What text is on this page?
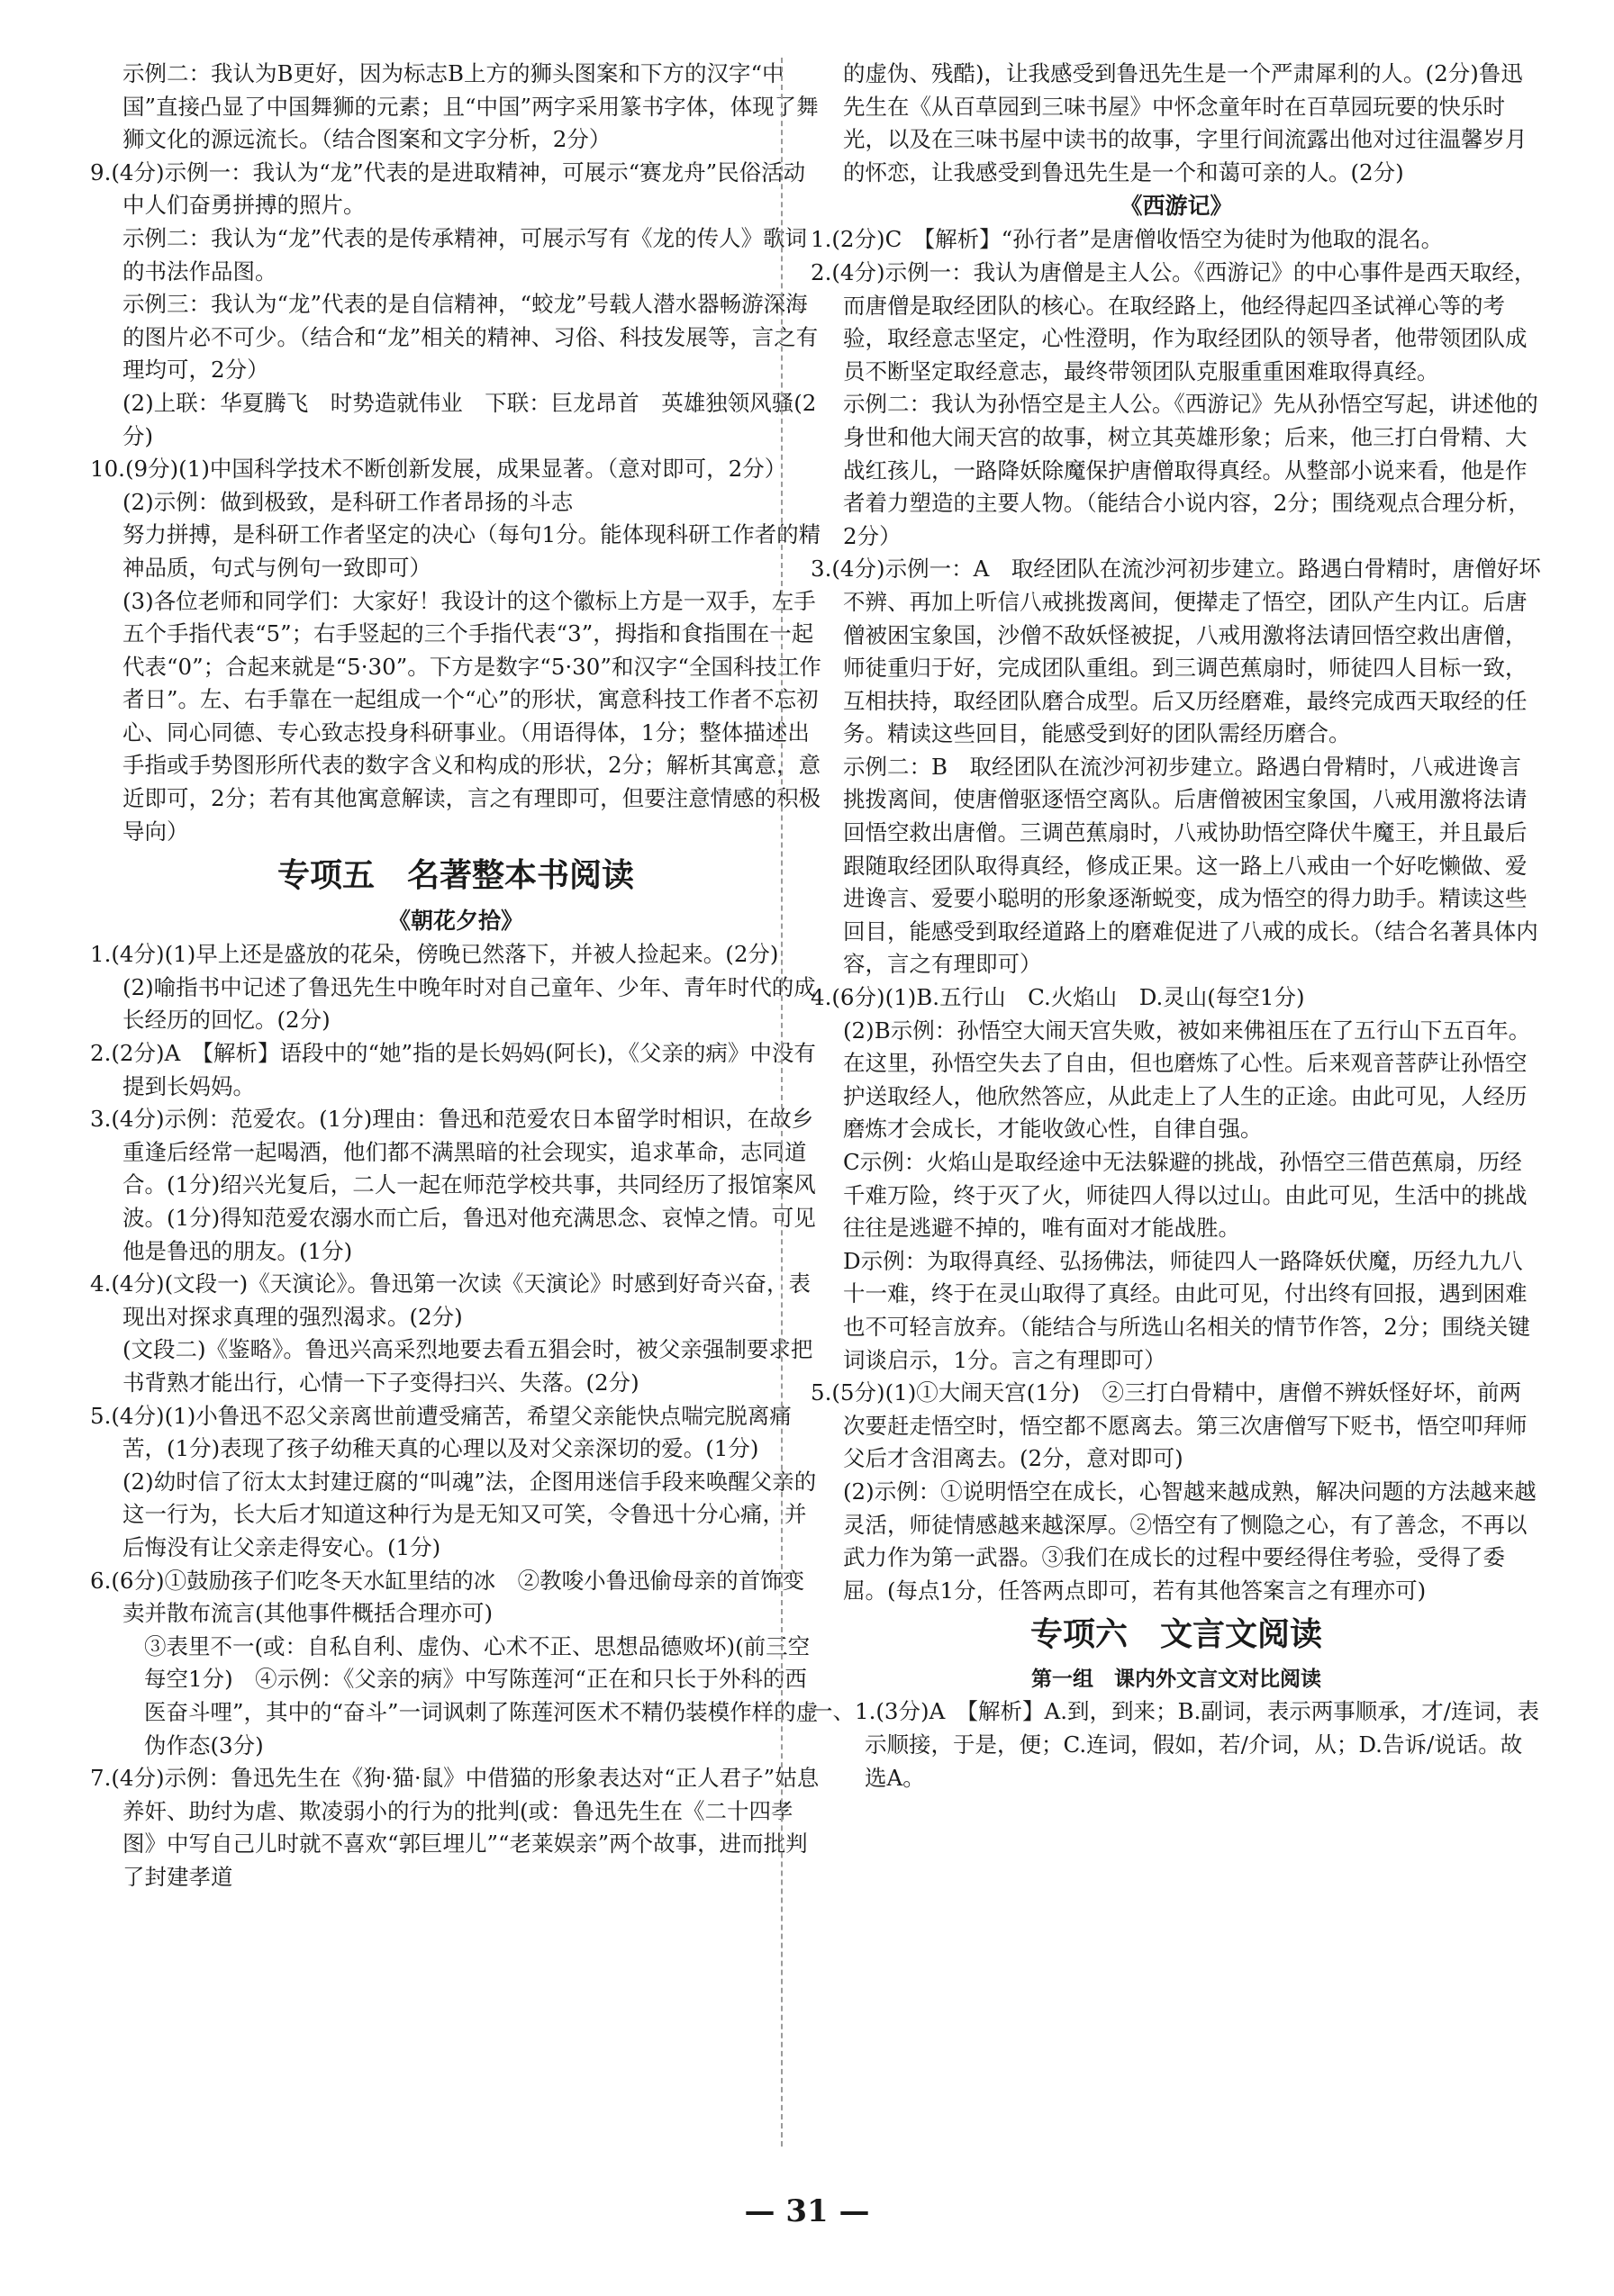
示例二：我认为B更好，因为标志B上方的狮头图案和下方的汉字“中国”直接凸显了中国舞狮的元素；且“中国”两字采用篆书字体，体现了舞狮文化的源远流长。（结合图案和文字分析，2分）
9.(4分)示例一：我认为“龙”代表的是进取精神，可展示“赛龙舟”民俗活动中人们奋勇拼搏的照片。
示例二：我认为“龙”代表的是传承精神，可展示写有《龙的传人》歌词的书法作品图。
示例三：我认为“龙”代表的是自信精神，“蛟龙”号载人潜水器畅游深海的图片必不可少。（结合和“龙”相关的精神、习俗、科技发展等，言之有理均可，2分）
(2)上联：华夏腾飞　时势造就伟业　下联：巨龙昂首　英雄独领风骚(2分)
10.(9分)(1)中国科学技术不断创新发展，成果显著。（意对即可，2分）
(2)示例：做到极致，是科研工作者昂扬的斗志
努力拼搏，是科研工作者坚定的决心（每句1分。能体现科研工作者的精神品质，句式与例句一致即可）
(3)各位老师和同学们：大家好！我设计的这个徽标上方是一双手，左手五个手指代表“5”；右手竖起的三个手指代表“3”，拇指和食指围在一起代表“0”；合起来就是“5·30”。下方是数字“5·30”和汉字“全国科技工作者日”。左、右手靠在一起组成一个“心”的形状，寓意科技工作者不忘初心、同心同德、专心致志投身科研事业。（用语得体，1分；整体描述出手指或手势图形所代表的数字含义和构成的形状，2分；解析其寓意，意近即可，2分；若有其他寓意解读，言之有理即可，但要注意情感的积极导向）
专项五　名著整本书阅读
《朝花夕拾》
1.(4分)(1)早上还是盛放的花朵，傍晚已然落下，并被人捡起来。(2分)
(2)喻指书中记述了鲁迅先生中晚年时对自己童年、少年、青年时代的成长经历的回忆。(2分)
2.(2分)A　【解析】语段中的“她”指的是长妈妈(阿长)，《父亲的病》中没有提到长妈妈。
3.(4分)示例：范爱农。(1分)理由：鲁迅和范爱农日本留学时相识，在故乡重逢后经常一起喝酒，他们都不满黑暗的社会现实，追求革命，志同道合。(1分)绍兴光复后，二人一起在师范学校共事，共同经历了报馆案风波。(1分)得知范爱农溺水而亡后，鲁迅对他充满思念、哀悼之情。可见他是鲁迅的朋友。(1分)
4.(4分)(文段一)《天演论》。鲁迅第一次读《天演论》时感到好奇兴奋，表现出对探求真理的强烈渴求。(2分)
(文段二)《鉴略》。鲁迅兴高采烈地要去看五猖会时，被父亲强制要求把书背熟才能出行，心情一下子变得扫兴、失落。(2分)
5.(4分)(1)小鲁迅不忍父亲离世前遭受痛苦，希望父亲能快点喘完脱离痛苦，(1分)表现了孩子幼稚天真的心理以及对父亲深切的爱。(1分)
(2)幼时信了衍太太封建迂腐的“叫魂”法，企图用迷信手段来唤醒父亲的这一行为，长大后才知道这种行为是无知又可笑，令鲁迅十分心痛，并后悔没有让父亲走得安心。(1分)
6.(6分)①鼓励孩子们吃冬天水缸里结的冰　②教唆小鲁迅偷母亲的首饰变卖并散布流言(其他事件概括合理亦可)
③表里不一(或：自私自利、虚伪、心术不正、思想品德败坏)(前三空每空1分)　④示例：《父亲的病》中写陈莲河“正在和只长于外科的西医奋斗哩”，其中的“奋斗”一词讽刺了陈莲河医术不精仍装模作样的虚伪作态(3分)
7.(4分)示例：鲁迅先生在《狗·猫·鼠》中借猫的形象表达对“正人君子”姑息养奸、助纣为虐、欺凌弱小的行为的批判(或：鲁迅先生在《二十四孝图》中写自己儿时就不喜欢“郭巨埋儿”“老莱娱亲”两个故事，进而批判了封建孝道
的虚伪、残酷)，让我感受到鲁迅先生是一个严肃犀利的人。(2分)鲁迅先生在《从百草园到三味书屋》中怀念童年时在百草园玩要的快乐时光，以及在三味书屋中读书的故事，字里行间流露出他对过往温馨岁月的怀恋，让我感受到鲁迅先生是一个和蔼可亲的人。(2分)
《西游记》
1.(2分)C　【解析】“孙行者”是唐僧收悟空为徒时为他取的混名。
2.(4分)示例一：我认为唐僧是主人公。《西游记》的中心事件是西天取经，而唐僧是取经团队的核心。在取经路上，他经得起四圣试禅心等的考验，取经意志坚定，心性澄明，作为取经团队的领导者，他带领团队成员不断坚定取经意志，最终带领团队克服重重困难取得真经。
示例二：我认为孙悟空是主人公。《西游记》先从孙悟空写起，讲述他的身世和他大闹天宫的故事，树立其英雄形象；后来，他三打白骨精、大战红孩儿，一路降妖除魔保护唐僧取得真经。从整部小说来看，他是作者着力塑造的主要人物。（能结合小说内容，2分；围绕观点合理分析，2分）
3.(4分)示例一：A　取经团队在流沙河初步建立。路遇白骨精时，唐僧好坏不辨、再加上听信八戒挑拨离间，便撵走了悟空，团队产生内讧。后唐僧被困宝象国，沙僧不敌妖怪被捉，八戒用激将法请回悟空救出唐僧，师徒重归于好，完成团队重组。到三调芭蕉扇时，师徒四人目标一致，互相扶持，取经团队磨合成型。后又历经磨难，最终完成西天取经的任务。精读这些回目，能感受到好的团队需经历磨合。
示例二：B　取经团队在流沙河初步建立。路遇白骨精时，八戒进谗言挑拨离间，使唐僧驱逐悟空离队。后唐僧被困宝象国，八戒用激将法请回悟空救出唐僧。三调芭蕉扇时，八戒协助悟空降伏牛魔王，并且最后跟随取经团队取得真经，修成正果。这一路上八戒由一个好吃懒做、爱进谗言、爱要小聪明的形象逐渐蜕变，成为悟空的得力助手。精读这些回目，能感受到取经道路上的磨难促进了八戒的成长。（结合名著具体内容，言之有理即可）
4.(6分)(1)B.五行山　C.火焰山　D.灵山(每空1分)
(2)B示例：孙悟空大闹天宫失败，被如来佛祖压在了五行山下五百年。在这里，孙悟空失去了自由，但也磨炼了心性。后来观音菩萨让孙悟空护送取经人，他欣然答应，从此走上了人生的正途。由此可见，人经历磨炼才会成长，才能收敛心性，自律自强。
C示例：火焰山是取经途中无法躲避的挑战，孙悟空三借芭蕉扇，历经千难万险，终于灭了火，师徒四人得以过山。由此可见，生活中的挑战往往是逃避不掉的，唯有面对才能战胜。
D示例：为取得真经、弘扬佛法，师徒四人一路降妖伏魔，历经九九八十一难，终于在灵山取得了真经。由此可见，付出终有回报，遇到困难也不可轻言放弃。（能结合与所选山名相关的情节作答，2分；围绕关键词谈启示，1分。言之有理即可）
5.(5分)(1)①大闹天宫(1分)　②三打白骨精中，唐僧不辨妖怪好坏，前两次要赶走悟空时，悟空都不愿离去。第三次唐僧写下贬书，悟空叩拜师父后才含泪离去。(2分，意对即可)
(2)示例：①说明悟空在成长，心智越来越成熟，解决问题的方法越来越灵活，师徒情感越来越深厚。②悟空有了恻隐之心，有了善念，不再以武力作为第一武器。③我们在成长的过程中要经得住考验，受得了委屈。(每点1分，任答两点即可，若有其他答案言之有理亦可)
专项六　文言文阅读
第一组　课内外文言文对比阅读
一、1.(3分)A　【解析】A.到，到来；B.副词，表示两事顺承，才/连词，表示顺接，于是，便；C.连词，假如，若/介词，从；D.告诉/说话。故选A。
— 31 —
